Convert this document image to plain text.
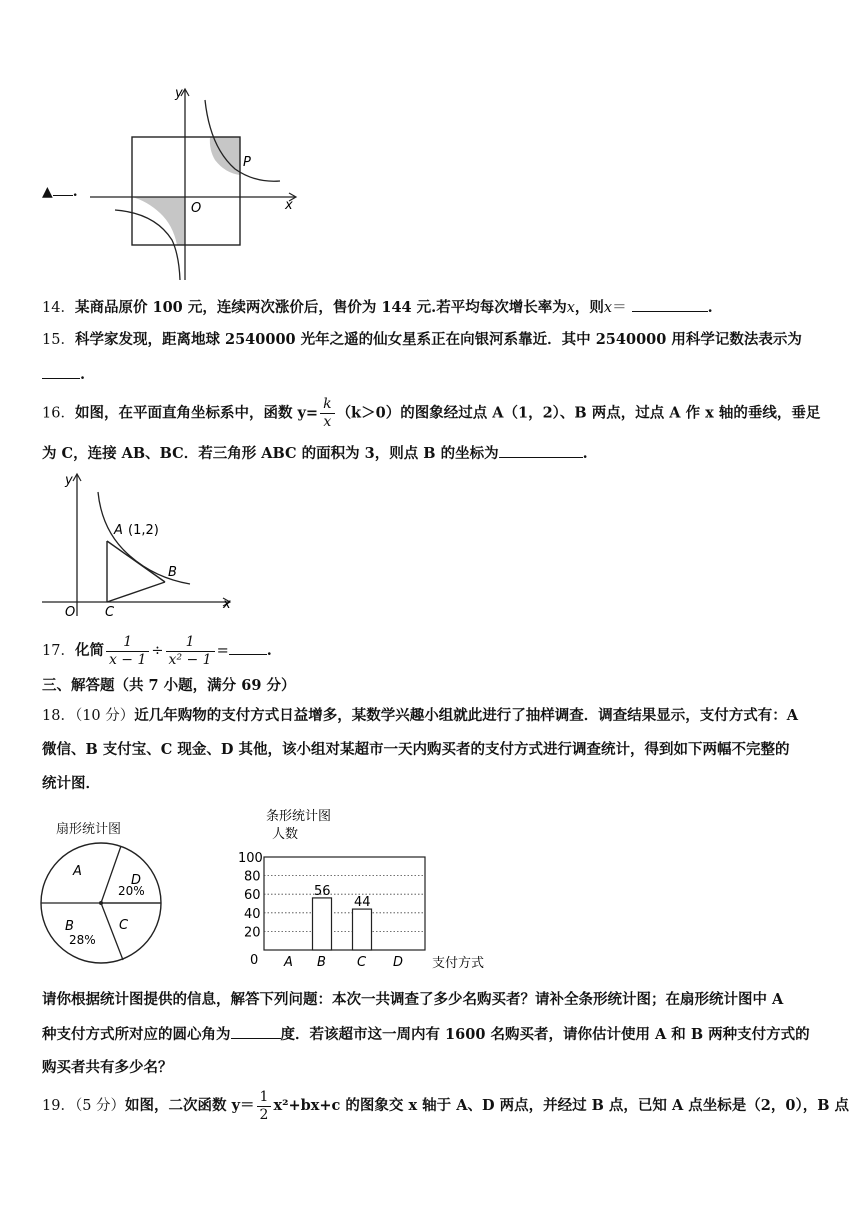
y
x
O
P
▲ .
14．某商品原价 100 元，连续两次涨价后，售价为 144 元.若平均每次增长率为x，则x＝	.
15．科学家发现，距离地球 2540000 光年之遥的仙女星系正在向银河系靠近．其中 2540000 用科学记数法表示为
.
16．如图，在平面直角坐标系中，函数 $y= \frac{k}{x} (k>0)$的图象经过点 A（1，2）、B 两点，过点 A 作 x 轴的垂线，垂足
为 C，连接 AB、BC．若三角形 ABC 的面积为 3，则点 B 的坐标为	.
y
x
O C
A (1,2)
B
17．化简 $\frac{1}{x - 1} \div \frac{1}{\text{x² − 1}}$ =	.
三、解答题（共 7 小题，满分 69 分）
18．（10 分）近几年购物的支付方式日益增多，某数学兴趣小组就此进行了抽样调查．调查结果显示，支付方式有：A
微信、B 支付宝、C 现金、D 其他，该小组对某超市一天内购买者的支付方式进行调查统计，得到如下两幅不完整的
统计图．
扇形统计图
A
D
20%
C
B
28%
条形统计图
人数
支付方式
0
20
40
60
80
100
56
44
A B C D
请你根据统计图提供的信息，解答下列问题：本次一共调查了多少名购买者？请补全条形统计图；在扇形统计图中 A
种支付方式所对应的圆心角为	度．若该超市这一周内有 1600 名购买者，请你估计使用 A 和 B 两种支付方式的
购买者共有多少名？
19．（5 分）如图，二次函数 $y= \frac{1}{2} x^2+bx+c$ 的图象交 x 轴于 A、D 两点，并经过 B 点，已知 A 点坐标是（2，0），B 点
